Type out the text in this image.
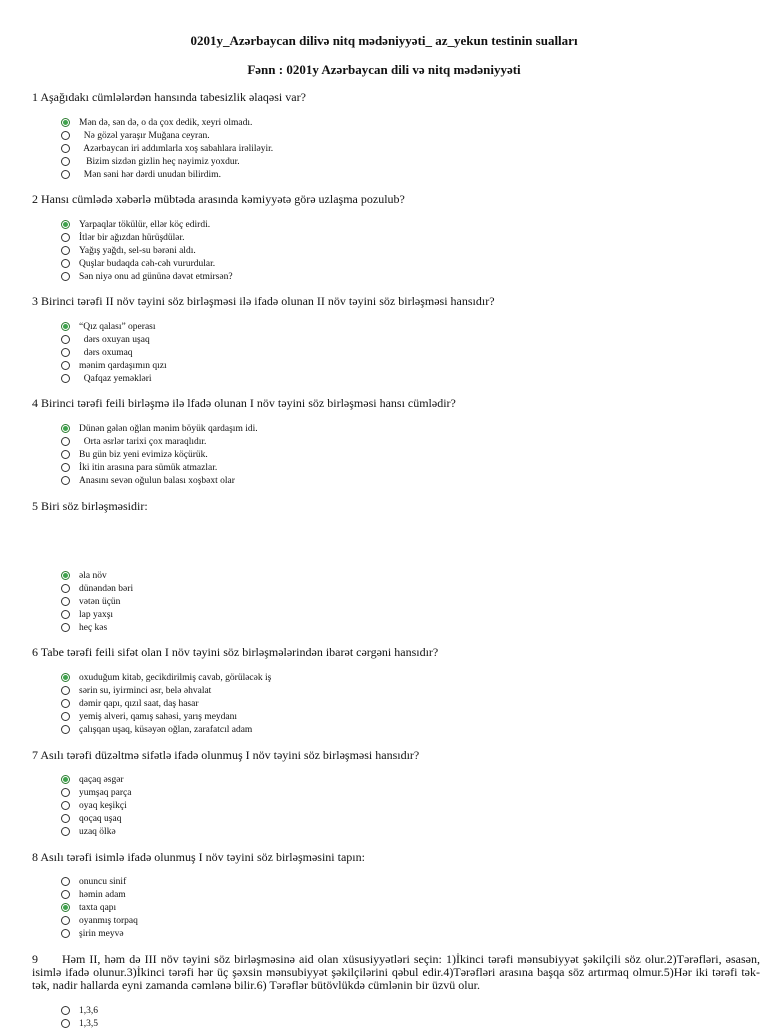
0201y_Azərbaycan dilivə nitq mədəniyyəti_ az_yekun testinin sualları
Fənn : 0201y Azərbaycan dili və nitq mədəniyyəti

1 Aşağıdakı cümlələrdən hansında tabesizlik əlaqəsi var?

Mən də, sən də, o da çox dedik, xeyri olmadı.
Nə gözəl yaraşır Muğana ceyran.
Azərbaycan iri addımlarla xoş sabahlara irəliləyir.
Bizim sizdən gizlin heç nəyimiz yoxdur.
Mən səni hər dərdi unudan bilirdim.

2 Hansı cümlədə xəbərlə mübtəda arasında kəmiyyətə görə uzlaşma pozulub?

Yarpaqlar tökülür, ellər köç edirdi.
İtlər bir ağızdan hürüşdülər.
Yağış yağdı, sel-su bərəni aldı.
Quşlar budaqda cəh-cəh vururdular.
Sən niyə onu ad gününə dəvət etmirsən?

3 Birinci tərəfi II növ təyini söz birləşməsi ilə ifadə olunan II növ təyini söz birləşməsi hansıdır?

“Qız qalası” operası
dərs oxuyan uşaq
dərs oxumaq
mənim qardaşımın qızı
Qafqaz yeməkləri

4 Birinci tərəfi feili birləşmə ilə lfadə olunan I növ təyini söz birləşməsi hansı cümlədir?

Dünən gələn oğlan mənim böyük qardaşım idi.
Orta əsrlər tarixi çox maraqlıdır.
Bu gün biz yeni evimizə köçürük.
İki itin arasına para sümük atmazlar.
Anasını sevən oğulun balası xoşbəxt olar

5 Biri söz birləşməsidir:

əla növ
dünəndən bəri
vətən üçün
lap yaxşı
heç kəs

6 Tabe tərəfi feili sifət olan I növ təyini söz birləşmələrindən ibarət cərgəni hansıdır?

oxuduğum kitab, gecikdirilmiş cavab, görüləcək iş
sərin su, iyirminci əsr, belə əhvalat
dəmir qapı, qızıl saat, daş hasar
yemiş alveri, qamış sahəsi, yarış meydanı
çalışqan uşaq, küsəyən oğlan, zarafatcıl adam

7 Asılı tərəfi düzəltmə sifətlə ifadə olunmuş I növ təyini söz birləşməsi hansıdır?

qaçaq əsgər
yumşaq parça
oyaq keşikçi
qoçaq uşaq
uzaq ölkə

8 Asılı tərəfi isimlə ifadə olunmuş I növ təyini söz birləşməsini tapın:

onuncu sinif
həmin adam
taxta qapı
oyanmış torpaq
şirin meyvə

9 Həm II, həm də III növ təyini söz birləşməsinə aid olan xüsusiyyətləri seçin: 1)İkinci tərəfi mənsubiyyət şəkilçili söz olur.2)Tərəfləri, əsasən, isimlə ifadə olunur.3)İkinci tərəfi hər üç şəxsin mənsubiyyət şəkilçilərini qəbul edir.4)Tərəfləri arasına başqa söz artırmaq olmur.5)Hər iki tərəfi tək-tək, nadir hallarda eyni zamanda cəmlənə bilir.6) Tərəflər bütövlükdə cümlənin bir üzvü olur.

1,3,6
1,3,5
